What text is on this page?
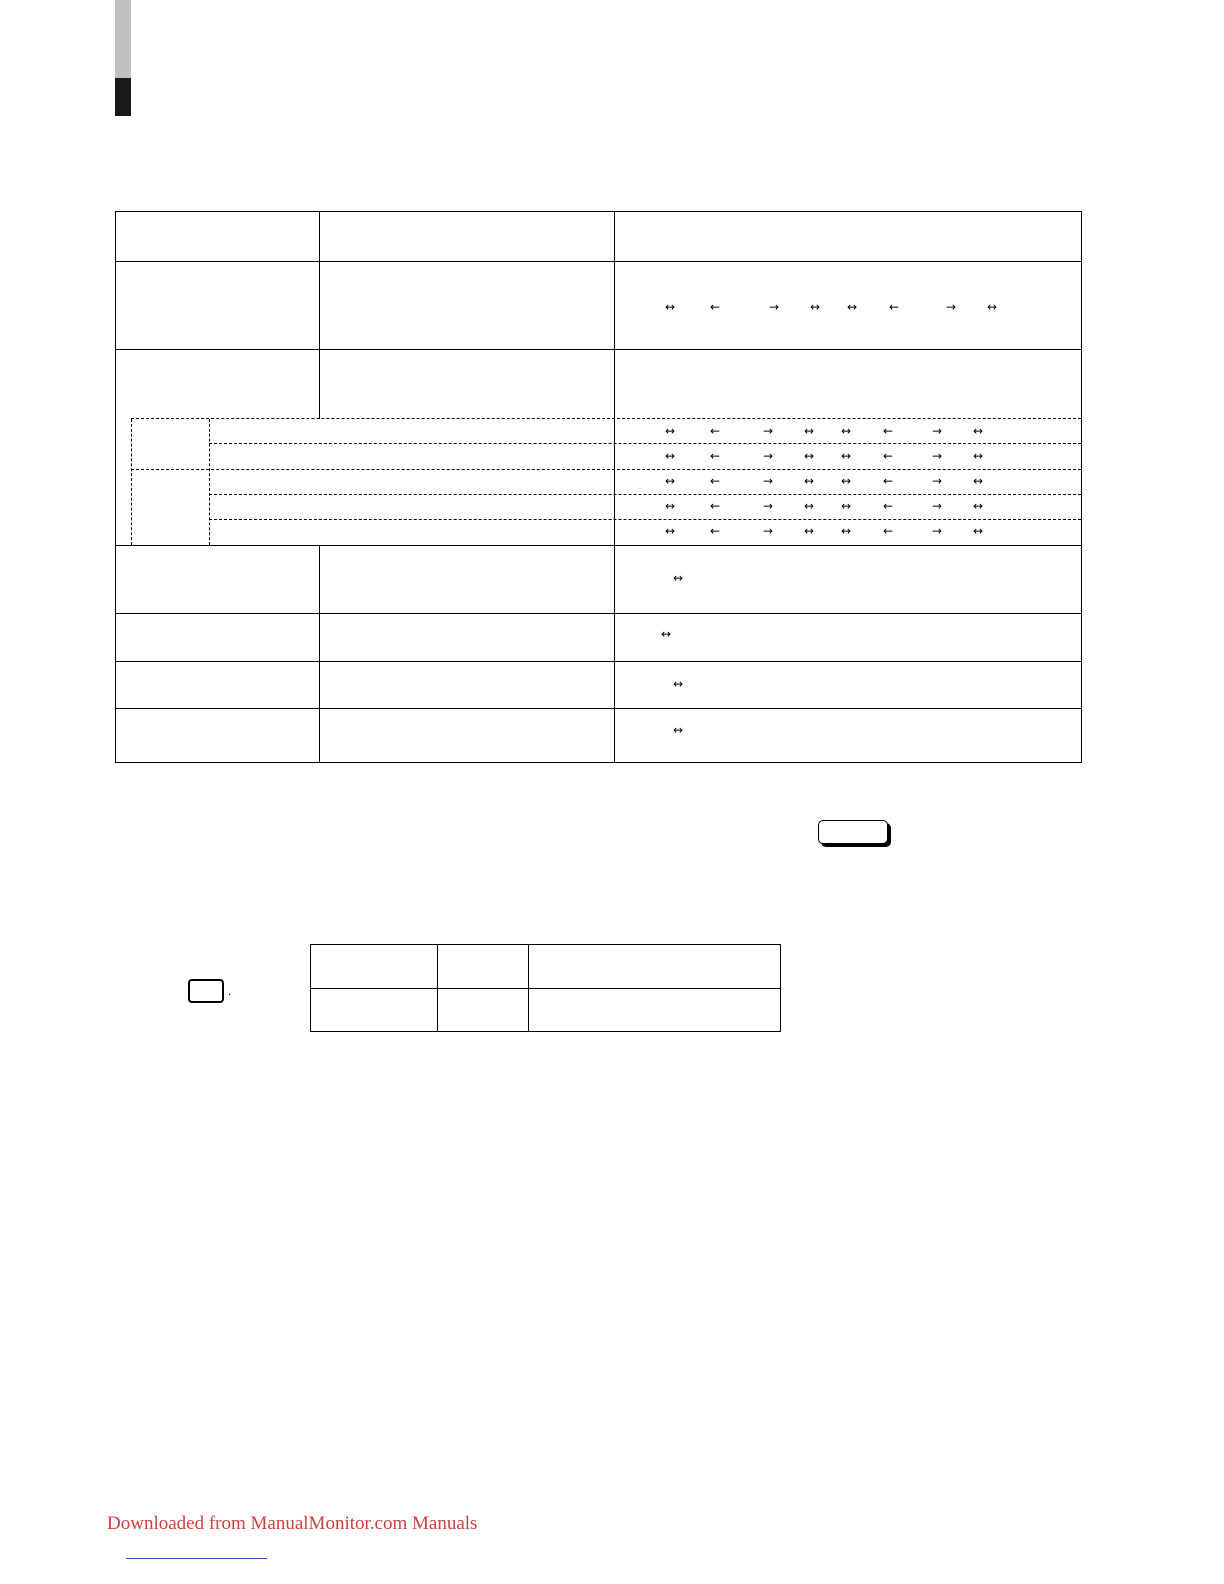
↔	←	→	↔ ↔	←	→	↔
↔	←	→	↔ ↔	←	→	↔
↔	←	→	↔ ↔	←	→	↔
↔	←	→	↔ ↔	←	→	↔
↔	←	→	↔ ↔	←	→	↔
↔	←	→	↔ ↔	←	→	↔
↔
↔
↔
↔
.
Downloaded from ManualMonitor.com Manuals
